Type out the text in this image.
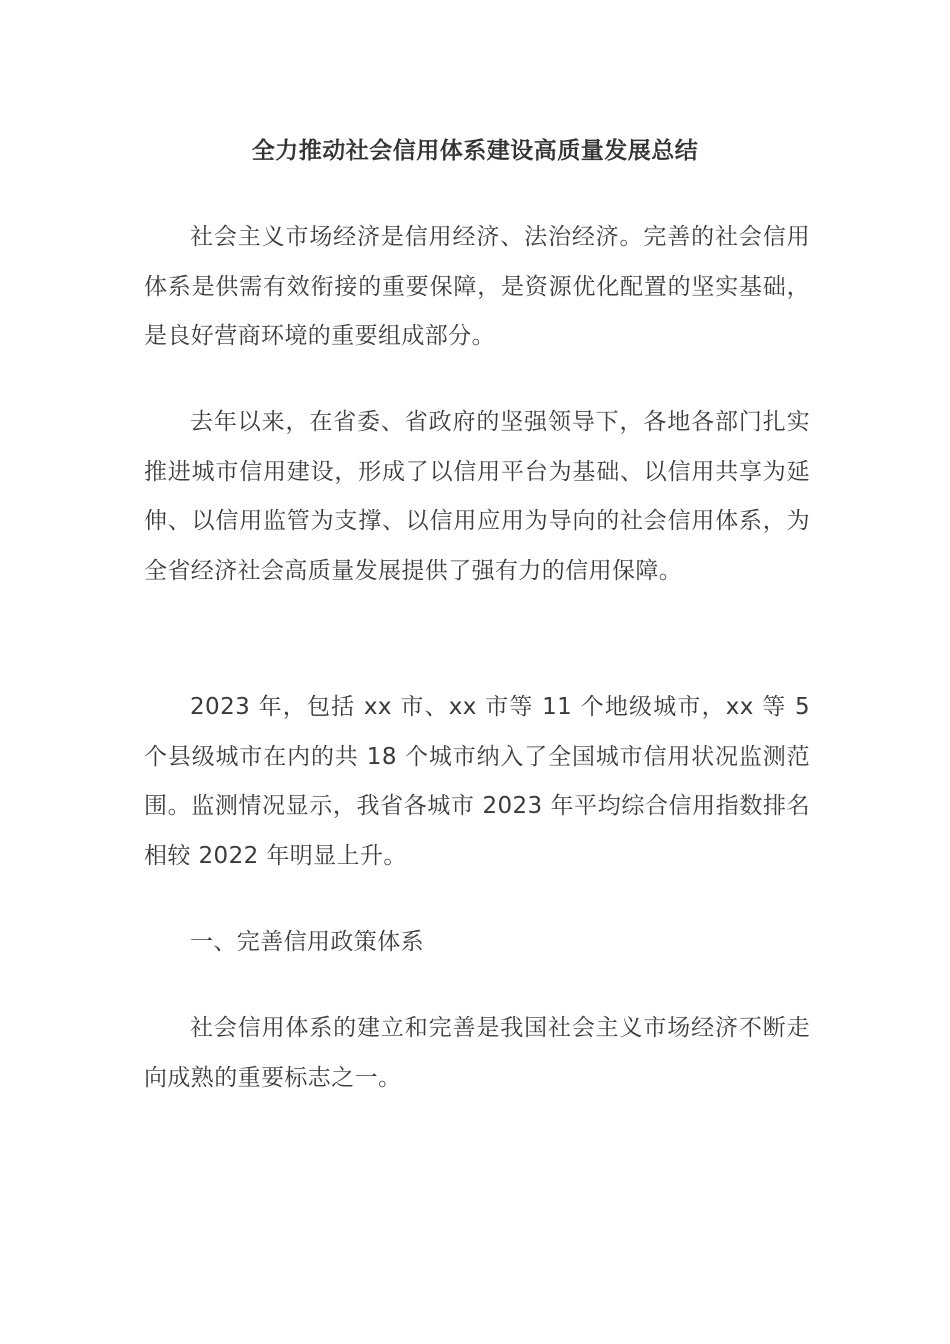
全力推动社会信用体系建设高质量发展总结

社会主义市场经济是信用经济、法治经济。完善的社会信用体系是供需有效衔接的重要保障，是资源优化配置的坚实基础，是良好营商环境的重要组成部分。

去年以来，在省委、省政府的坚强领导下，各地各部门扎实推进城市信用建设，形成了以信用平台为基础、以信用共享为延伸、以信用监管为支撑、以信用应用为导向的社会信用体系，为全省经济社会高质量发展提供了强有力的信用保障。

2023 年，包括 xx 市、xx 市等 11 个地级城市，xx 等 5 个县级城市在内的共 18 个城市纳入了全国城市信用状况监测范围。监测情况显示，我省各城市 2023 年平均综合信用指数排名相较 2022 年明显上升。

一、完善信用政策体系

社会信用体系的建立和完善是我国社会主义市场经济不断走向成熟的重要标志之一。
